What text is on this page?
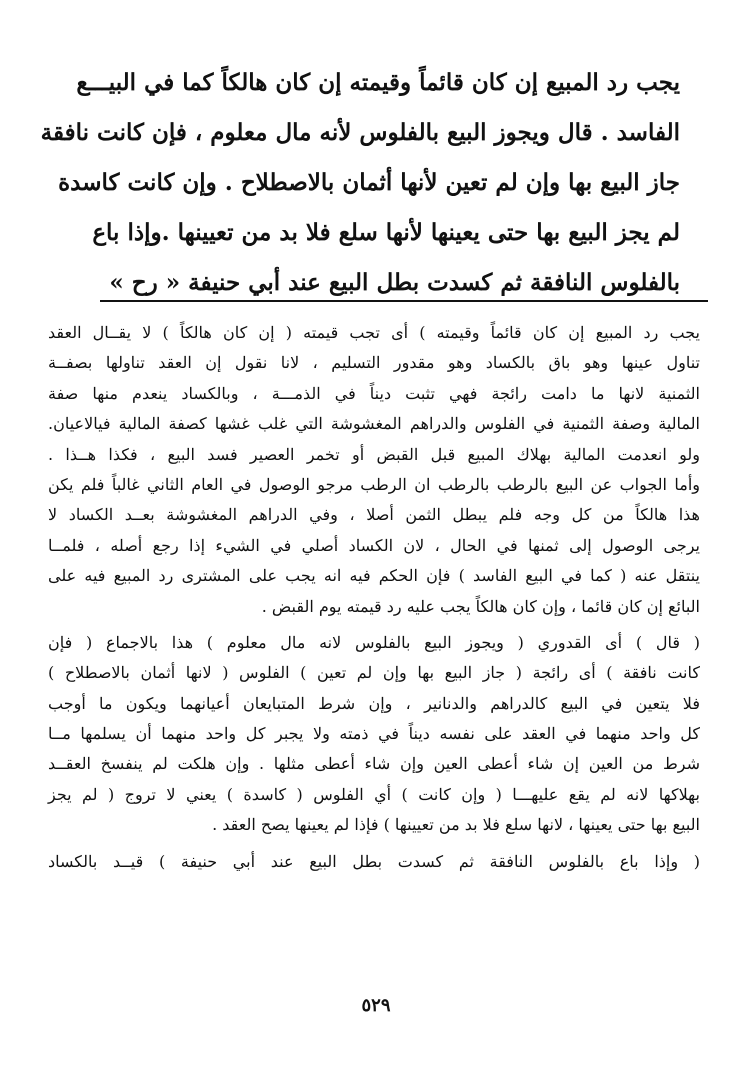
يجب رد المبيع إن كان قائماً وقيمته إن كان هالكاً كما في البيـــع
الفاسد . قال ويجوز البيع بالفلوس لأنه مال معلوم ، فإن كانت نافقة
جاز البيع بها وإن لم تعين لأنها أثمان بالاصطلاح . وإن كانت كاسدة
لم يجز البيع بها حتى يعينها لأنها سلع فلا بد من تعيينها .وإذا باع
بالفلوس النافقة ثم كسدت بطل البيع عند أبي حنيفة « رح »
يجب رد المبيع إن كان قائماً وقيمته ) أى تجب قيمته ( إن كان هالكاً ) لا يقــال العقد
تناول عينها وهو باق بالكساد وهو مقدور التسليم ، لانا نقول إن العقد تناولها بصفــة
الثمنية لانها ما دامت رائجة فهي تثبت ديناً في الذمـــة ، وبالكساد ينعدم منها صفة
المالية وصفة الثمنية في الفلوس والدراهم المغشوشة التي غلب غشها كصفة المالية فيالاعيان.
ولو انعدمت المالية بهلاك المبيع قبل القبض أو تخمر العصير فسد البيع ، فكذا هــذا .
وأما الجواب عن البيع بالرطب بالرطب ان الرطب مرجو الوصول في العام الثاني غالباً فلم يكن
هذا هالكاً من كل وجه فلم يبطل الثمن أصلا ، وفي الدراهم المغشوشة بعــد الكساد لا
يرجى الوصول إلى ثمنها في الحال ، لان الكساد أصلي في الشيء إذا رجع أصله ، فلمــا
ينتقل عنه ( كما في البيع الفاسد ) فإن الحكم فيه انه يجب على المشترى رد المبيع فيه على
البائع إن كان قائما ، وإن كان هالكاً يجب عليه رد قيمته يوم القبض .
( قال ) أى القدوري ( ويجوز البيع بالفلوس لانه مال معلوم ) هذا بالاجماع ( فإن
كانت نافقة ) أى رائجة ( جاز البيع بها وإن لم تعين ) الفلوس ( لانها أثمان بالاصطلاح )
فلا يتعين في البيع كالدراهم والدنانير ، وإن شرط المتبايعان أعيانهما ويكون ما أوجب
كل واحد منهما في العقد على نفسه ديناً في ذمته ولا يجبر كل واحد منهما أن يسلمها مــا
شرط من العين إن شاء أعطى العين وإن شاء أعطى مثلها . وإن هلكت لم ينفسخ العقــد
بهلاكها لانه لم يقع عليهـــا ( وإن كانت ) أي الفلوس ( كاسدة ) يعني لا تروج ( لم يجز
البيع بها حتى يعينها ، لانها سلع فلا بد من تعيينها ) فإذا لم يعينها يصح العقد .
( وإذا باع بالفلوس النافقة ثم كسدت بطل البيع عند أبي حنيفة ) قيــد بالكساد
٥٢٩
